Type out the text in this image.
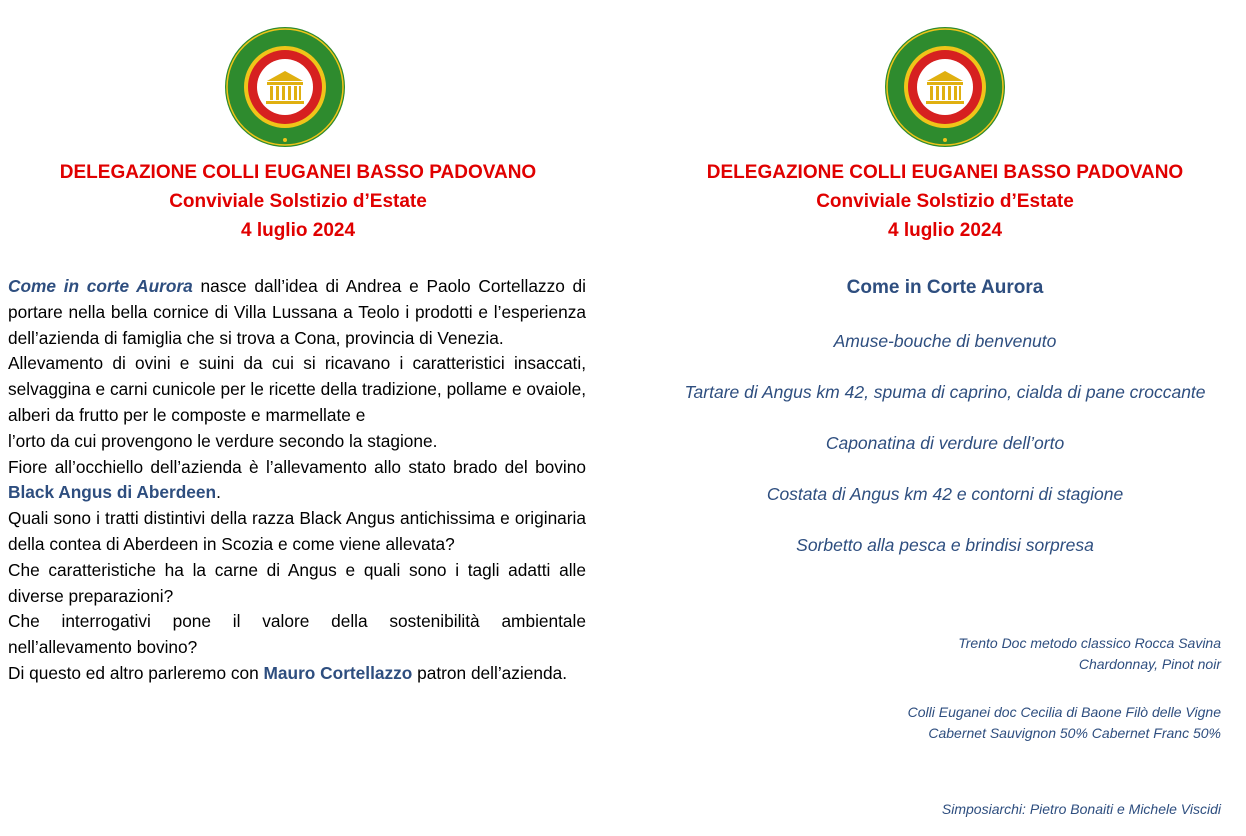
DELEGAZIONE COLLI EUGANEI BASSO PADOVANO
Conviviale Solstizio d’Estate
4 luglio 2024

Come in corte Aurora nasce dall’idea di Andrea e Paolo Cortellazzo di portare nella bella cornice di Villa Lussana a Teolo i prodotti e l’esperienza dell’azienda di famiglia che si trova a Cona, provincia di Venezia.

Allevamento di ovini e suini da cui si ricavano i caratteristici insaccati, selvaggina e carni cunicole per le ricette della tradizione, pollame e ovaiole, alberi da frutto per le composte e marmellate e

l’orto da cui provengono le verdure secondo la stagione.

Fiore all’occhiello dell’azienda è l’allevamento allo stato brado del bovino Black Angus di Aberdeen.

Quali sono i tratti distintivi della razza Black Angus antichissima e originaria della contea di Aberdeen in Scozia e come viene allevata?

Che caratteristiche ha la carne di Angus e quali sono i tagli adatti alle diverse preparazioni?

Che interrogativi pone il valore della sostenibilità ambientale nell’allevamento bovino?

Di questo ed altro parleremo con Mauro Cortellazzo patron dell’azienda.

DELEGAZIONE COLLI EUGANEI BASSO PADOVANO
Conviviale Solstizio d’Estate
4 luglio 2024
Come in Corte Aurora
Amuse-bouche di benvenuto
Tartare di Angus km 42, spuma di caprino, cialda di pane croccante
Caponatina di verdure dell’orto
Costata di Angus km 42 e contorni di stagione
Sorbetto alla pesca e brindisi sorpresa
Trento Doc metodo classico Rocca Savina
Chardonnay, Pinot noir
Colli Euganei doc Cecilia di Baone Filò delle Vigne
Cabernet Sauvignon 50% Cabernet Franc 50%
Simposiarchi: Pietro Bonaiti e Michele Viscidi
